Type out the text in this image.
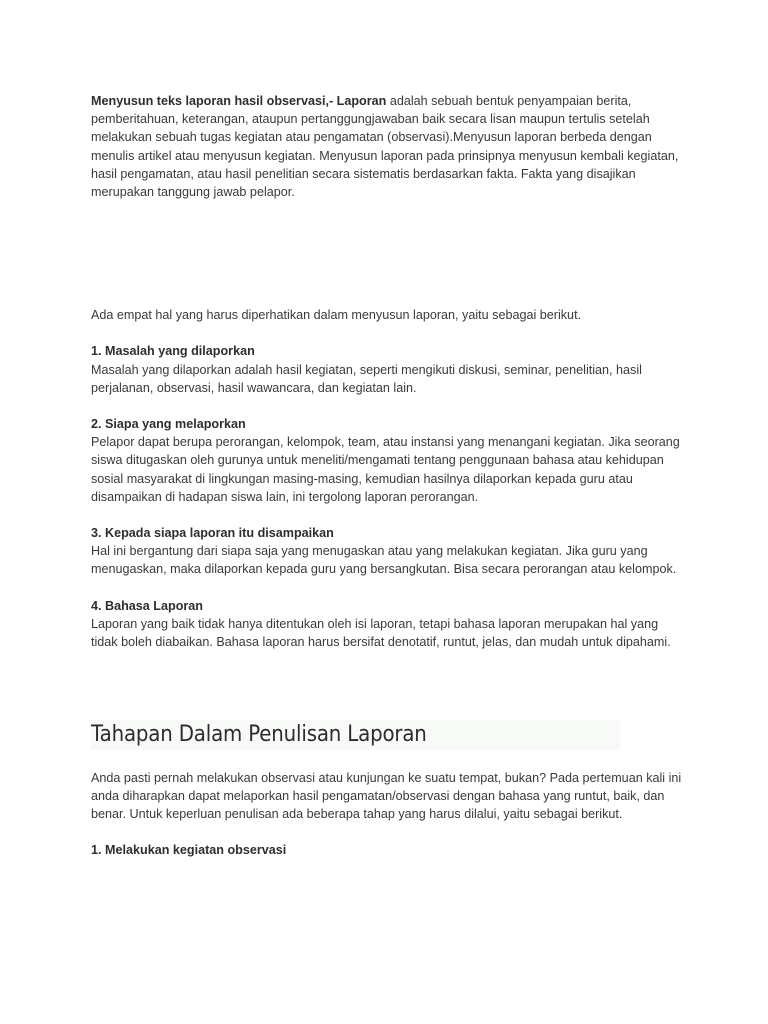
Menyusun teks laporan hasil observasi,- Laporan adalah sebuah bentuk penyampaian berita, pemberitahuan, keterangan, ataupun pertanggungjawaban baik secara lisan maupun tertulis setelah melakukan sebuah tugas kegiatan atau pengamatan (observasi).Menyusun laporan berbeda dengan menulis artikel atau menyusun kegiatan. Menyusun laporan pada prinsipnya menyusun kembali kegiatan, hasil pengamatan, atau hasil penelitian secara sistematis berdasarkan fakta. Fakta yang disajikan merupakan tanggung jawab pelapor.

Ada empat hal yang harus diperhatikan dalam menyusun laporan, yaitu sebagai berikut.

1. Masalah yang dilaporkan

Masalah yang dilaporkan adalah hasil kegiatan, seperti mengikuti diskusi, seminar, penelitian, hasil perjalanan, observasi, hasil wawancara, dan kegiatan lain.

2. Siapa yang melaporkan

Pelapor dapat berupa perorangan, kelompok, team, atau instansi yang menangani kegiatan. Jika seorang siswa ditugaskan oleh gurunya untuk meneliti/mengamati tentang penggunaan bahasa atau kehidupan sosial masyarakat di lingkungan masing-masing, kemudian hasilnya dilaporkan kepada guru atau disampaikan di hadapan siswa lain, ini tergolong laporan perorangan.

3. Kepada siapa laporan itu disampaikan

Hal ini bergantung dari siapa saja yang menugaskan atau yang melakukan kegiatan. Jika guru yang menugaskan, maka dilaporkan kepada guru yang bersangkutan. Bisa secara perorangan atau kelompok.

4. Bahasa Laporan

Laporan yang baik tidak hanya ditentukan oleh isi laporan, tetapi bahasa laporan merupakan hal yang tidak boleh diabaikan. Bahasa laporan harus bersifat denotatif, runtut, jelas, dan mudah untuk dipahami.

Tahapan Dalam Penulisan Laporan

Anda pasti pernah melakukan observasi atau kunjungan ke suatu tempat, bukan? Pada pertemuan kali ini anda diharapkan dapat melaporkan hasil pengamatan/observasi dengan bahasa yang runtut, baik, dan benar. Untuk keperluan penulisan ada beberapa tahap yang harus dilalui, yaitu sebagai berikut.

1. Melakukan kegiatan observasi
